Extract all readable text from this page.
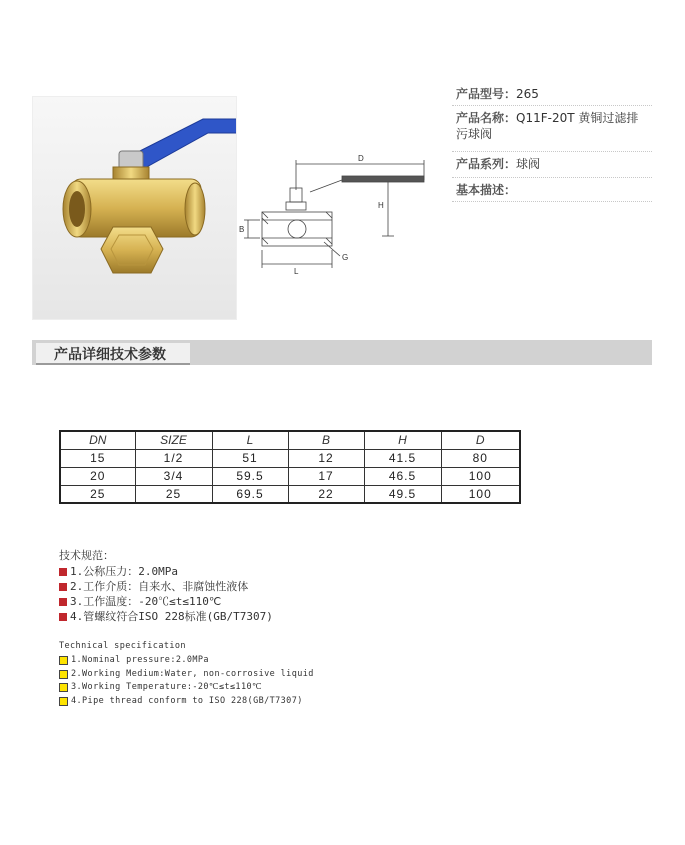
D
H
B
L
G
产品型号：265
产品名称：Q11F-20T 黄铜过滤排污球阀
产品系列：球阀
基本描述：
产品详细技术参数
DN	SIZE	L	B	H	D
15	1/2	51	12	41.5	80
20	3/4	59.5	17	46.5	100
25	25	69.5	22	49.5	100
技术规范：
1.公称压力：2.0MPa
2.工作介质：自来水、非腐蚀性液体
3.工作温度：-20℃≤t≤110℃
4.管螺纹符合ISO 228标准(GB/T7307)
Technical specification
1.Nominal pressure:2.0MPa
2.Working Medium:Water, non-corrosive liquid
3.Working Temperature:-20℃≤t≤110℃
4.Pipe thread conform to ISO 228(GB/T7307)
